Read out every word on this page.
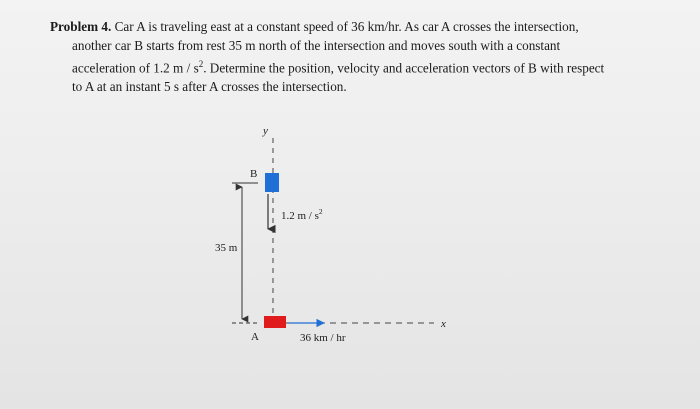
Problem 4. Car A is traveling east at a constant speed of 36 km/hr. As car A crosses the intersection,
another car B starts from rest 35 m north of the intersection and moves south with a constant
acceleration of 1.2 m / $s^2$. Determine the position, velocity and acceleration vectors of B with respect
to A at an instant 5 s after A crosses the intersection.
y
x
35 m
B
1.2 m / $s^2$
A	36 km / hr
